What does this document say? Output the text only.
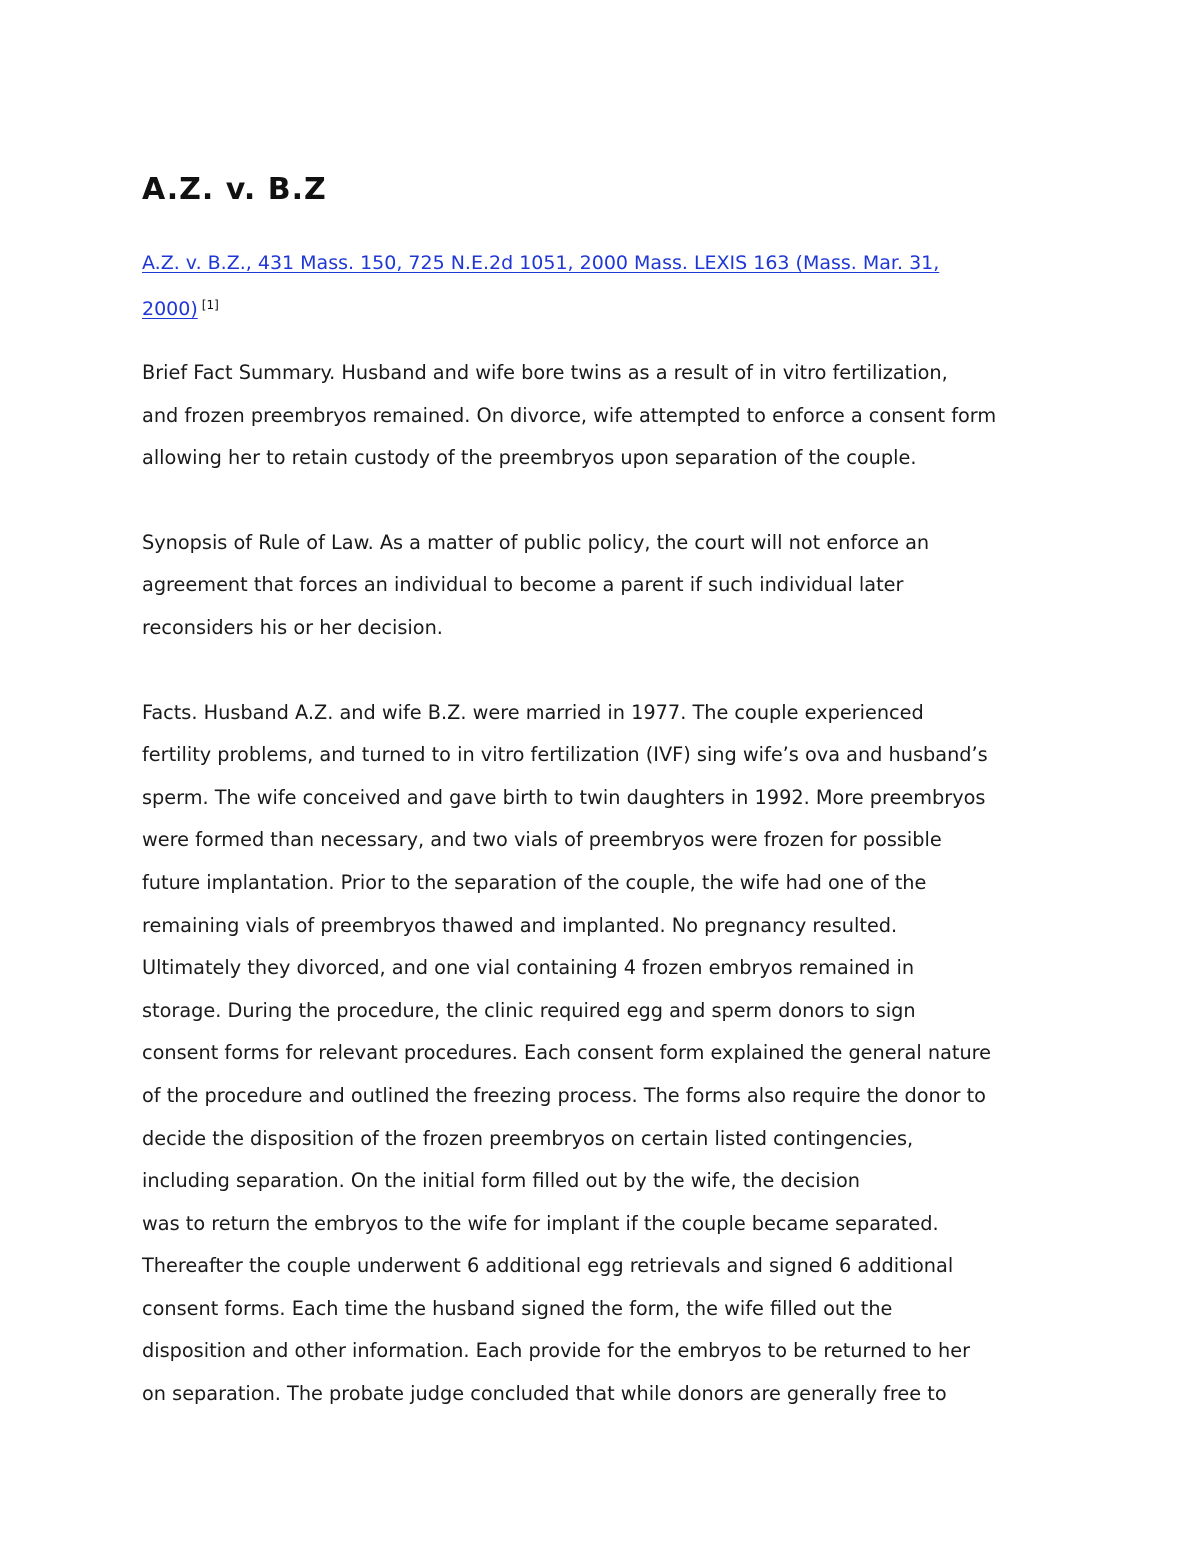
A.Z. v. B.Z

A.Z. v. B.Z., 431 Mass. 150, 725 N.E.2d 1051, 2000 Mass. LEXIS 163 (Mass. Mar. 31,
2000) [1]

Brief Fact Summary. Husband and wife bore twins as a result of in vitro fertilization,
and frozen preembryos remained. On divorce, wife attempted to enforce a consent form
allowing her to retain custody of the preembryos upon separation of the couple.

Synopsis of Rule of Law. As a matter of public policy, the court will not enforce an
agreement that forces an individual to become a parent if such individual later
reconsiders his or her decision.

Facts. Husband A.Z. and wife B.Z. were married in 1977. The couple experienced
fertility problems, and turned to in vitro fertilization (IVF) sing wife’s ova and husband’s
sperm. The wife conceived and gave birth to twin daughters in 1992. More preembryos
were formed than necessary, and two vials of preembryos were frozen for possible
future implantation. Prior to the separation of the couple, the wife had one of the
remaining vials of preembryos thawed and implanted. No pregnancy resulted.
Ultimately they divorced, and one vial containing 4 frozen embryos remained in
storage. During the procedure, the clinic required egg and sperm donors to sign
consent forms for relevant procedures. Each consent form explained the general nature
of the procedure and outlined the freezing process. The forms also require the donor to
decide the disposition of the frozen preembryos on certain listed contingencies,
including separation. On the initial form filled out by the wife, the decision
was to return the embryos to the wife for implant if the couple became separated.
Thereafter the couple underwent 6 additional egg retrievals and signed 6 additional
consent forms. Each time the husband signed the form, the wife filled out the
disposition and other information. Each provide for the embryos to be returned to her
on separation. The probate judge concluded that while donors are generally free to
